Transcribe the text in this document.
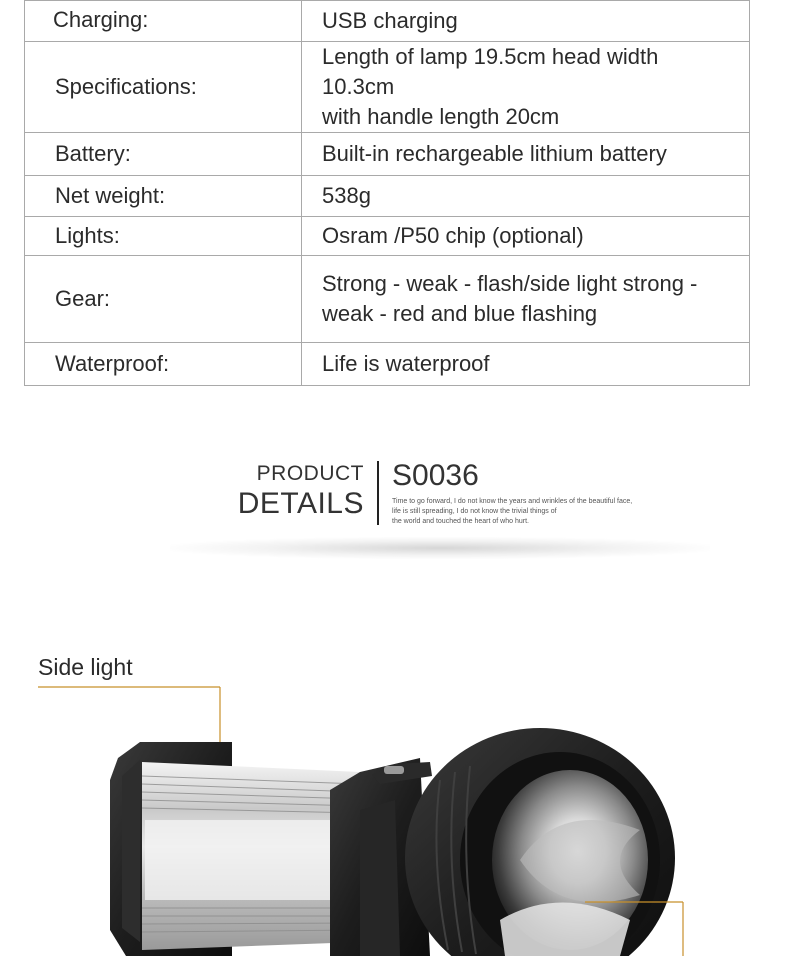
Charging:	USB charging
Specifications:	Length of lamp 19.5cm head width 10.3cm
with handle length 20cm

Battery:	Built-in rechargeable lithium battery
Net weight:	538g
Lights:	Osram /P50 chip (optional)
Gear:	Strong - weak - flash/side light strong -
weak - red and blue flashing

Waterproof:	Life is waterproof
PRODUCT
DETAILS
S0036
Time to go forward, I do not know the years and wrinkles of the beautiful face,
life is still spreading, I do not know the trivial things of
the world and touched the heart of who hurt.
Side light
